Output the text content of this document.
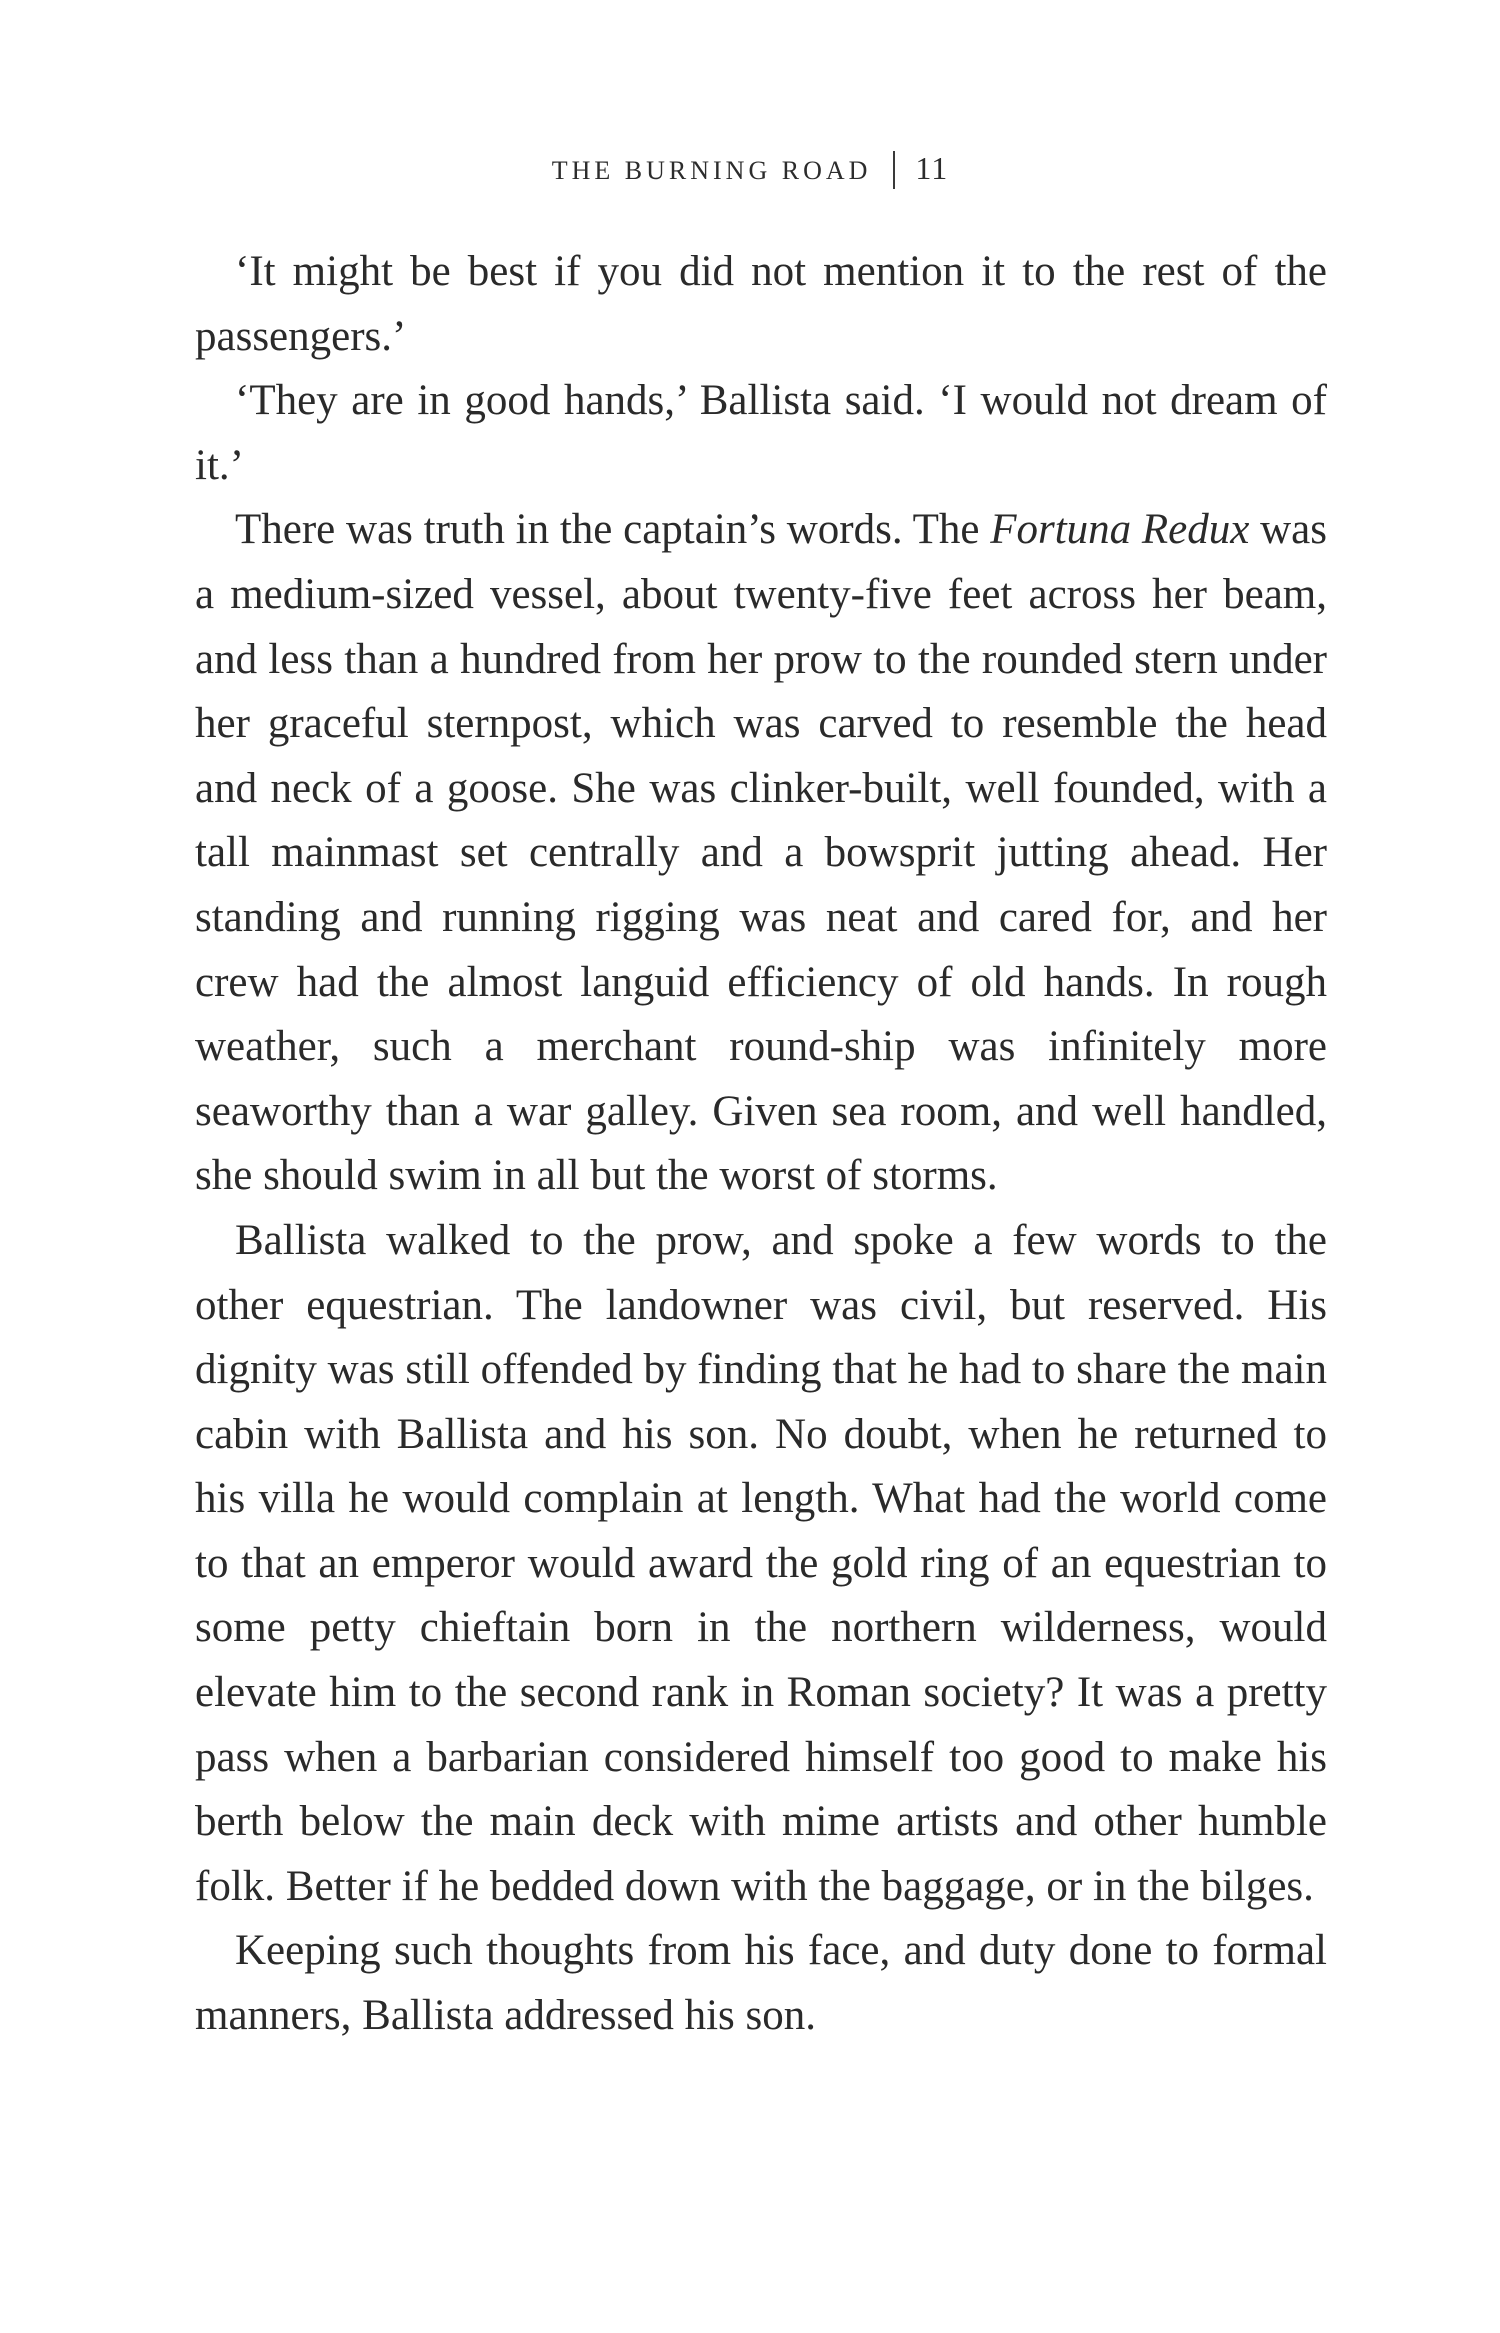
THE BURNING ROAD 11

‘It might be best if you did not mention it to the rest of the passengers.’

‘They are in good hands,’ Ballista said. ‘I would not dream of it.’

There was truth in the captain’s words. The Fortuna Redux was a medium-sized vessel, about twenty-five feet across her beam, and less than a hundred from her prow to the rounded stern under her graceful sternpost, which was carved to resemble the head and neck of a goose. She was clinker-built, well founded, with a tall mainmast set centrally and a bowsprit jutting ahead. Her standing and running rigging was neat and cared for, and her crew had the almost languid efficiency of old hands. In rough weather, such a merchant round-ship was infinitely more seaworthy than a war galley. Given sea room, and well handled, she should swim in all but the worst of storms.

Ballista walked to the prow, and spoke a few words to the other equestrian. The landowner was civil, but reserved. His dignity was still offended by finding that he had to share the main cabin with Ballista and his son. No doubt, when he returned to his villa he would complain at length. What had the world come to that an emperor would award the gold ring of an equestrian to some petty chieftain born in the northern wilderness, would elevate him to the second rank in Roman society? It was a pretty pass when a barbarian considered himself too good to make his berth below the main deck with mime artists and other humble folk. Better if he bedded down with the baggage, or in the bilges.

Keeping such thoughts from his face, and duty done to formal manners, Ballista addressed his son.
